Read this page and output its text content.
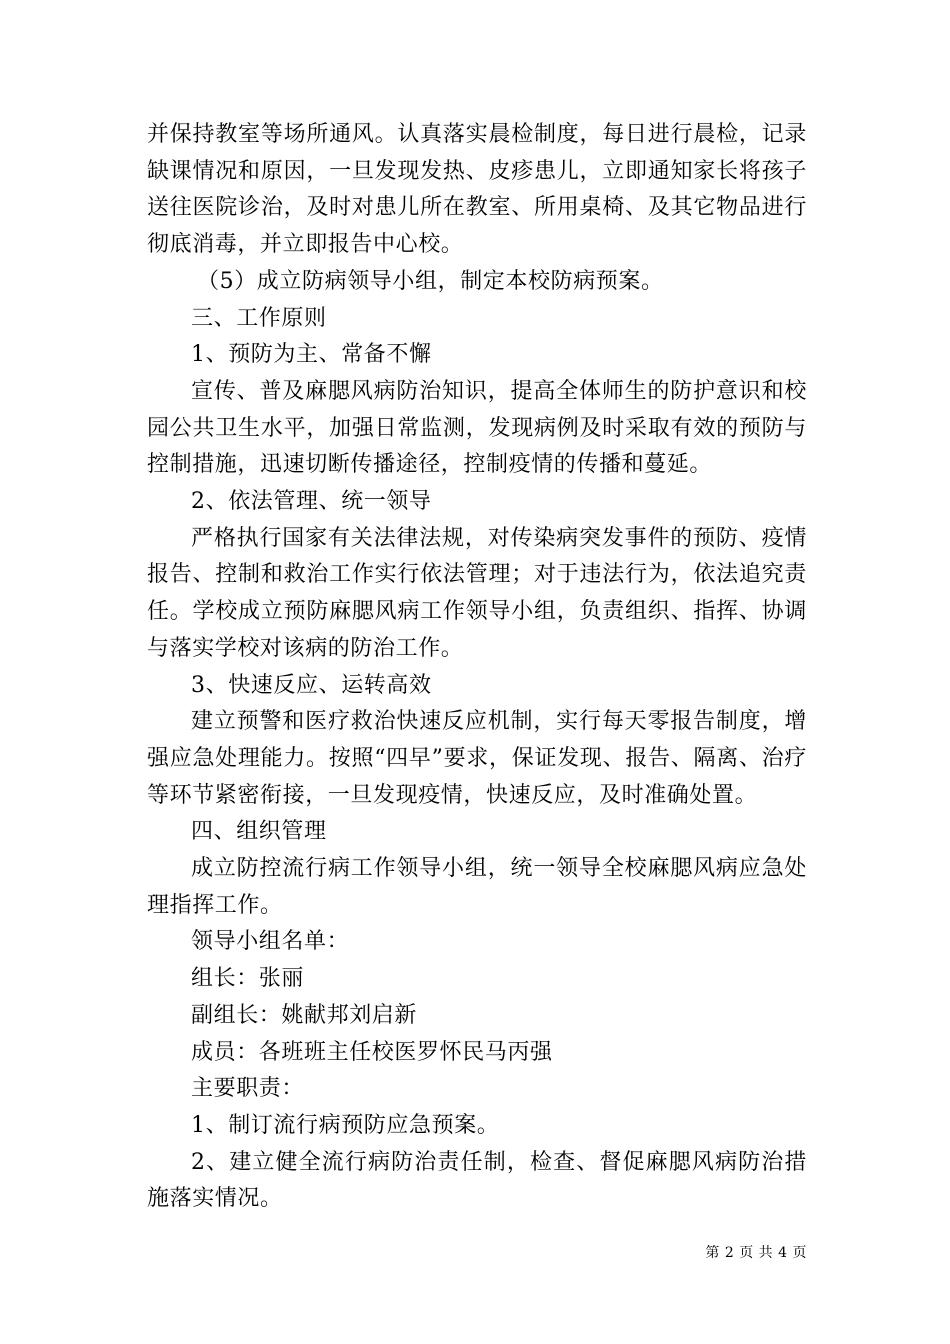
并保持教室等场所通风。认真落实晨检制度，每日进行晨检，记录缺课情况和原因，一旦发现发热、皮疹患儿，立即通知家长将孩子送往医院诊治，及时对患儿所在教室、所用桌椅、及其它物品进行彻底消毒，并立即报告中心校。

（5）成立防病领导小组，制定本校防病预案。

三、工作原则

1、预防为主、常备不懈

宣传、普及麻腮风病防治知识，提高全体师生的防护意识和校园公共卫生水平，加强日常监测，发现病例及时采取有效的预防与控制措施，迅速切断传播途径，控制疫情的传播和蔓延。

2、依法管理、统一领导

严格执行国家有关法律法规，对传染病突发事件的预防、疫情报告、控制和救治工作实行依法管理；对于违法行为，依法追究责任。学校成立预防麻腮风病工作领导小组，负责组织、指挥、协调与落实学校对该病的防治工作。

3、快速反应、运转高效

建立预警和医疗救治快速反应机制，实行每天零报告制度，增强应急处理能力。按照“四早”要求，保证发现、报告、隔离、治疗等环节紧密衔接，一旦发现疫情，快速反应，及时准确处置。

四、组织管理

成立防控流行病工作领导小组，统一领导全校麻腮风病应急处理指挥工作。

领导小组名单：

组长：张丽

副组长：姚献邦刘启新

成员：各班班主任校医罗怀民马丙强

主要职责：

1、制订流行病预防应急预案。

2、建立健全流行病防治责任制，检查、督促麻腮风病防治措施落实情况。

第 2 页 共 4 页
